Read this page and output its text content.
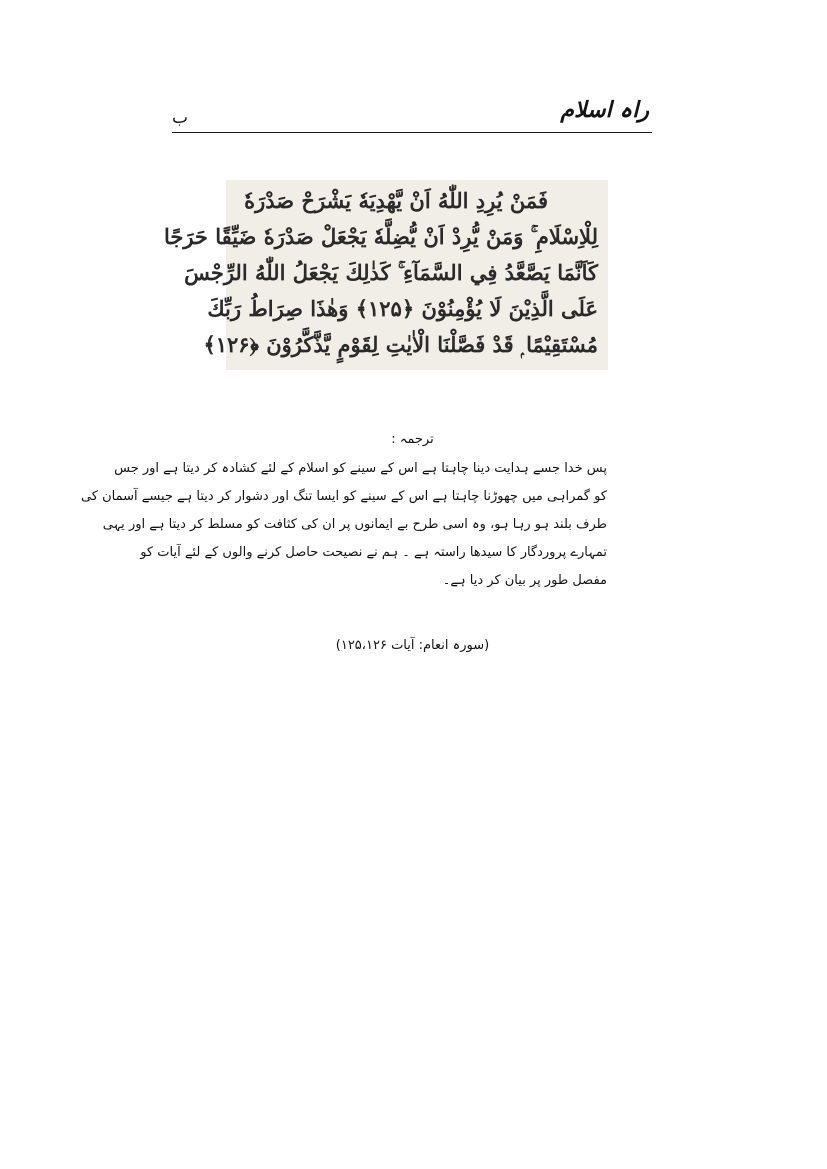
راہ اسلام
ب
فَمَنْ يُرِدِ اللّٰهُ اَنْ يَّهْدِيَهٗ يَشْرَحْ صَدْرَهٗ
لِلْاِسْلَامِ ۚ وَمَنْ يُّرِدْ اَنْ يُّضِلَّهٗ يَجْعَلْ صَدْرَهٗ ضَيِّقًا حَرَجًا
كَاَنَّمَا يَصَّعَّدُ فِي السَّمَآءِ ۚ كَذٰلِكَ يَجْعَلُ اللّٰهُ الرِّجْسَ
عَلَى الَّذِيْنَ لَا يُؤْمِنُوْنَ ﴿۱۲۵﴾ وَهٰذَا صِرَاطُ رَبِّكَ
مُسْتَقِيْمًا ۭ قَدْ فَصَّلْنَا الْاٰيٰتِ لِقَوْمٍ يَّذَّكَّرُوْنَ ﴿۱۲۶﴾
ترجمہ :
پس خدا جسے ہدایت دینا چاہتا ہے اس کے سینے کو اسلام کے لئے کشادہ کر دیتا ہے اور جس
کو گمراہی میں چھوڑنا چاہتا ہے اس کے سینے کو ایسا تنگ اور دشوار کر دیتا ہے جیسے آسمان کی
طرف بلند ہو رہا ہو، وہ اسی طرح بے ایمانوں پر ان کی کثافت کو مسلط کر دیتا ہے اور یہی
تمہارے پروردگار کا سیدھا راستہ ہے ۔ ہم نے نصیحت حاصل کرنے والوں کے لئے آیات کو
مفصل طور پر بیان کر دیا ہے۔
(سورہ انعام: آیات ۱۲۵،۱۲۶)
